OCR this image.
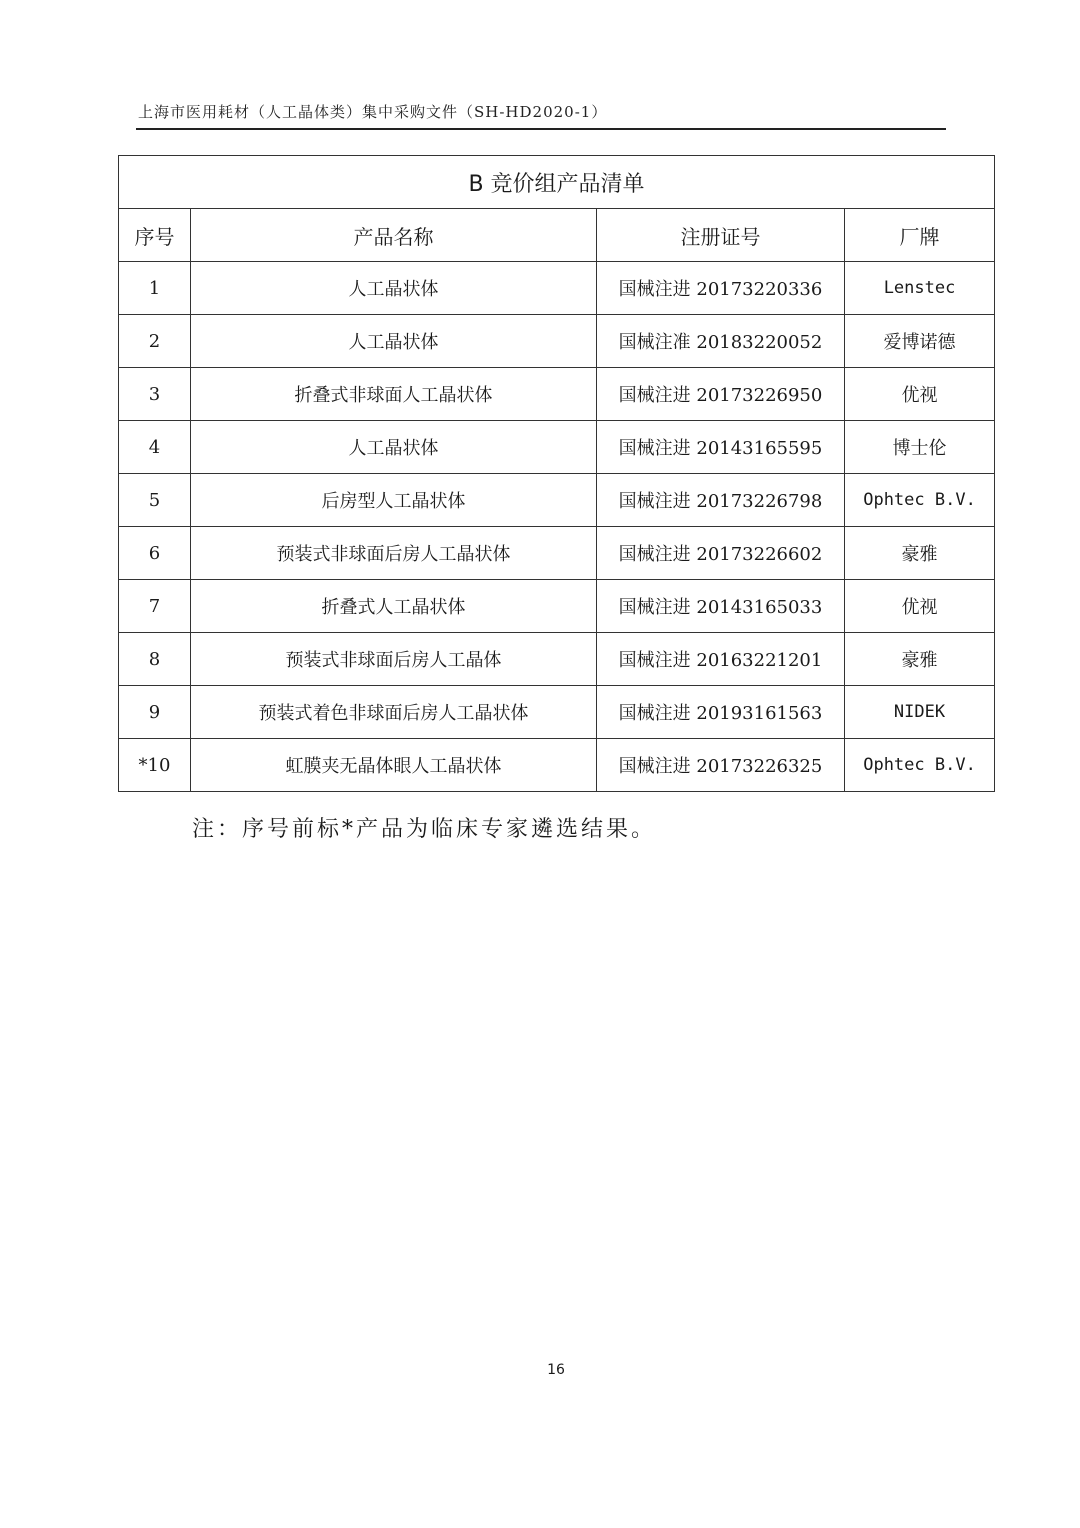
上海市医用耗材（人工晶体类）集中采购文件（SH-HD2020-1）
B 竞价组产品清单			
序号	产品名称	注册证号	厂牌
1	人工晶状体	国械注进 20173220336	Lenstec
2	人工晶状体	国械注准 20183220052	爱博诺德
3	折叠式非球面人工晶状体	国械注进 20173226950	优视
4	人工晶状体	国械注进 20143165595	博士伦
5	后房型人工晶状体	国械注进 20173226798	Ophtec B.V.
6	预装式非球面后房人工晶状体	国械注进 20173226602	豪雅
7	折叠式人工晶状体	国械注进 20143165033	优视
8	预装式非球面后房人工晶体	国械注进 20163221201	豪雅
9	预装式着色非球面后房人工晶状体	国械注进 20193161563	NIDEK
*10	虹膜夹无晶体眼人工晶状体	国械注进 20173226325	Ophtec B.V.
注：序号前标*产品为临床专家遴选结果。
16
